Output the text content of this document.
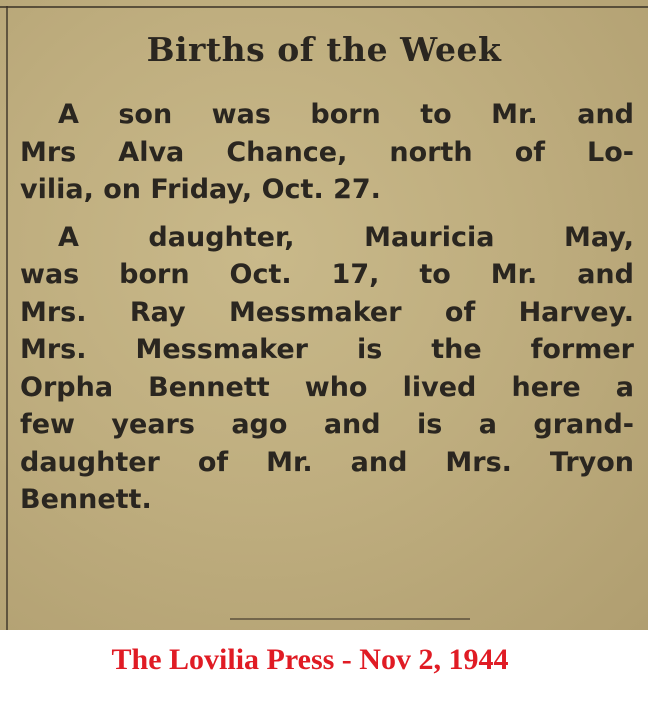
Births of the Week
A son was born to Mr. and
Mrs Alva Chance, north of Lo-
vilia, on Friday, Oct. 27.
A daughter, Mauricia May,
was born Oct. 17, to Mr. and
Mrs. Ray Messmaker of Harvey.
Mrs. Messmaker is the former
Orpha Bennett who lived here a
few years ago and is a grand-
daughter of Mr. and Mrs. Tryon
Bennett.
The Lovilia Press - Nov 2, 1944
